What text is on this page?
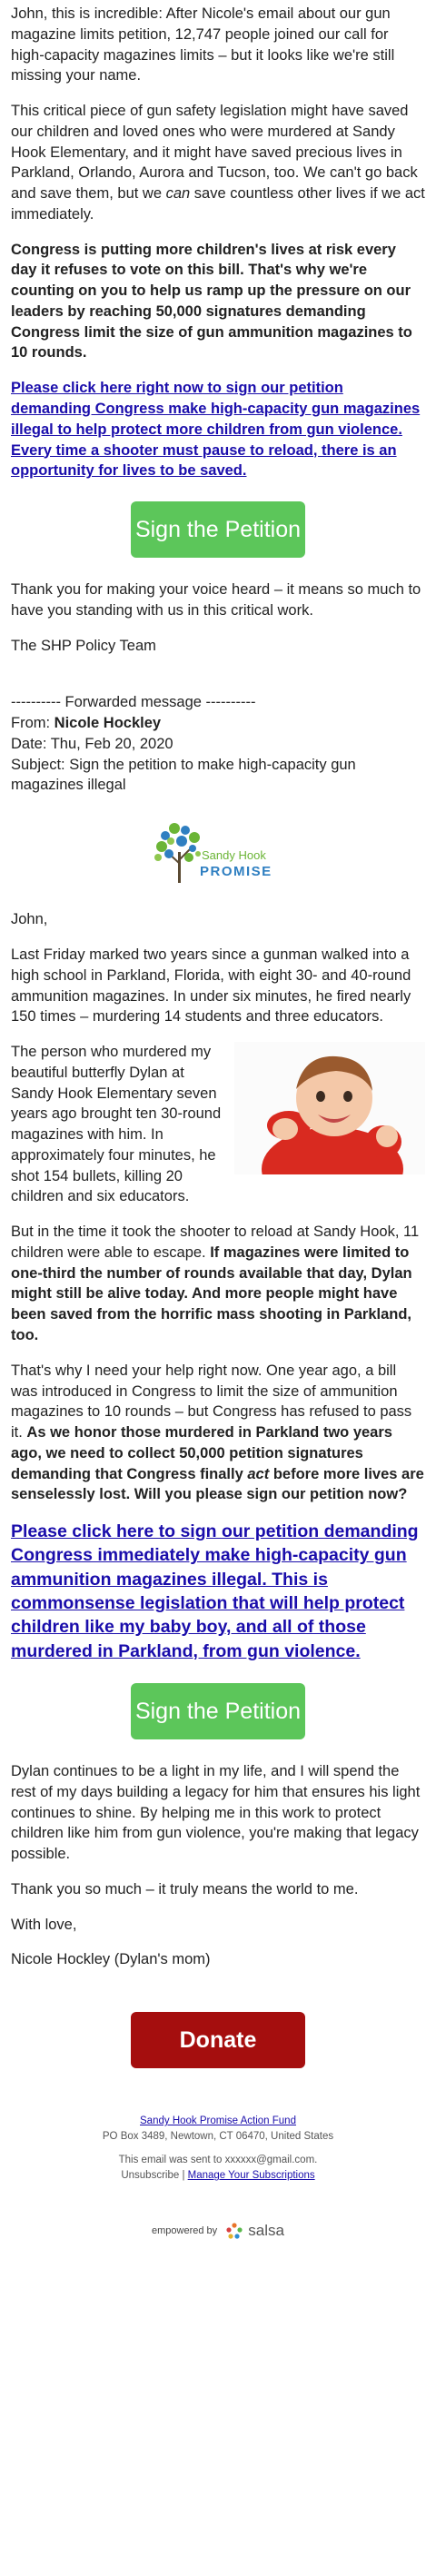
John, this is incredible: After Nicole's email about our gun magazine limits petition, 12,747 people joined our call for high-capacity magazines limits – but it looks like we're still missing your name.

This critical piece of gun safety legislation might have saved our children and loved ones who were murdered at Sandy Hook Elementary, and it might have saved precious lives in Parkland, Orlando, Aurora and Tucson, too. We can't go back and save them, but we can save countless other lives if we act immediately.

Congress is putting more children's lives at risk every day it refuses to vote on this bill. That's why we're counting on you to help us ramp up the pressure on our leaders by reaching 50,000 signatures demanding Congress limit the size of gun ammunition magazines to 10 rounds.

Please click here right now to sign our petition demanding Congress make high-capacity gun magazines illegal to help protect more children from gun violence. Every time a shooter must pause to reload, there is an opportunity for lives to be saved.
Sign the Petition

Thank you for making your voice heard – it means so much to have you standing with us in this critical work.

The SHP Policy Team

---------- Forwarded message ----------
From: Nicole Hockley
Date: Thu, Feb 20, 2020
Subject: Sign the petition to make high-capacity gun magazines illegal
Sandy Hook
PROMISE

John,

Last Friday marked two years since a gunman walked into a high school in Parkland, Florida, with eight 30- and 40-round ammunition magazines. In under six minutes, he fired nearly 150 times – murdering 14 students and three educators.

The person who murdered my beautiful butterfly Dylan at Sandy Hook Elementary seven years ago brought ten 30-round magazines with him. In approximately four minutes, he shot 154 bullets, killing 20 children and six educators.

But in the time it took the shooter to reload at Sandy Hook, 11 children were able to escape. If magazines were limited to one-third the number of rounds available that day, Dylan might still be alive today. And more people might have been saved from the horrific mass shooting in Parkland, too.

That's why I need your help right now. One year ago, a bill was introduced in Congress to limit the size of ammunition magazines to 10 rounds – but Congress has refused to pass it. As we honor those murdered in Parkland two years ago, we need to collect 50,000 petition signatures demanding that Congress finally act before more lives are senselessly lost. Will you please sign our petition now?

Please click here to sign our petition demanding Congress immediately make high-capacity gun ammunition magazines illegal. This is commonsense legislation that will help protect children like my baby boy, and all of those murdered in Parkland, from gun violence.
Sign the Petition

Dylan continues to be a light in my life, and I will spend the rest of my days building a legacy for him that ensures his light continues to shine. By helping me in this work to protect children like him from gun violence, you're making that legacy possible.

Thank you so much – it truly means the world to me.

With love,

Nicole Hockley (Dylan's mom)

Donate
Sandy Hook Promise Action Fund
PO Box 3489, Newtown, CT 06470, United States
This email was sent to xxxxxx@gmail.com.
Unsubscribe | Manage Your Subscriptions
empowered by salsa
